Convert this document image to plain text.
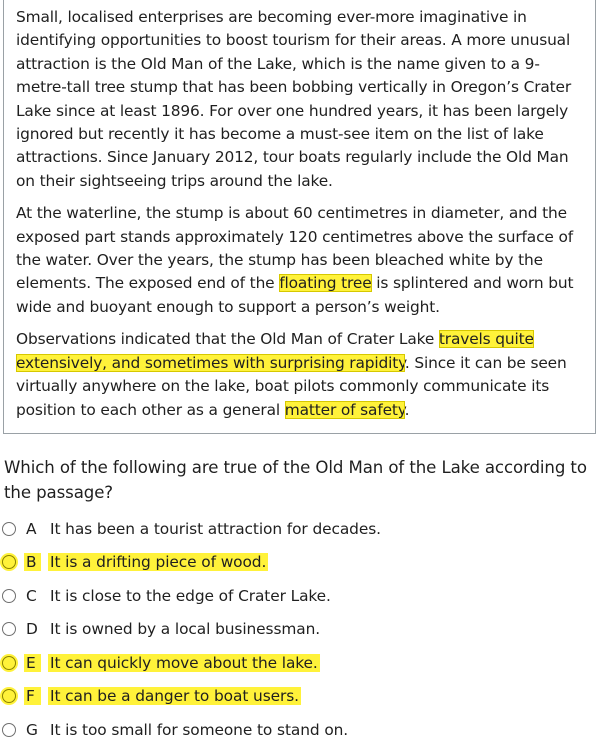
Small, localised enterprises are becoming ever-more imaginative in identifying opportunities to boost tourism for their areas. A more unusual attraction is the Old Man of the Lake, which is the name given to a 9-metre-tall tree stump that has been bobbing vertically in Oregon’s Crater Lake since at least 1896. For over one hundred years, it has been largely ignored but recently it has become a must-see item on the list of lake attractions. Since January 2012, tour boats regularly include the Old Man on their sightseeing trips around the lake.

At the waterline, the stump is about 60 centimetres in diameter, and the exposed part stands approximately 120 centimetres above the surface of the water. Over the years, the stump has been bleached white by the elements. The exposed end of the floating tree is splintered and worn but wide and buoyant enough to support a person’s weight.

Observations indicated that the Old Man of Crater Lake travels quite extensively, and sometimes with surprising rapidity. Since it can be seen virtually anywhere on the lake, boat pilots commonly communicate its position to each other as a general matter of safety.

Which of the following are true of the Old Man of the Lake according to the passage?

A It has been a tourist attraction for decades.
B It is a drifting piece of wood.
C It is close to the edge of Crater Lake.
D It is owned by a local businessman.
E It can quickly move about the lake.
F It can be a danger to boat users.
G It is too small for someone to stand on.
